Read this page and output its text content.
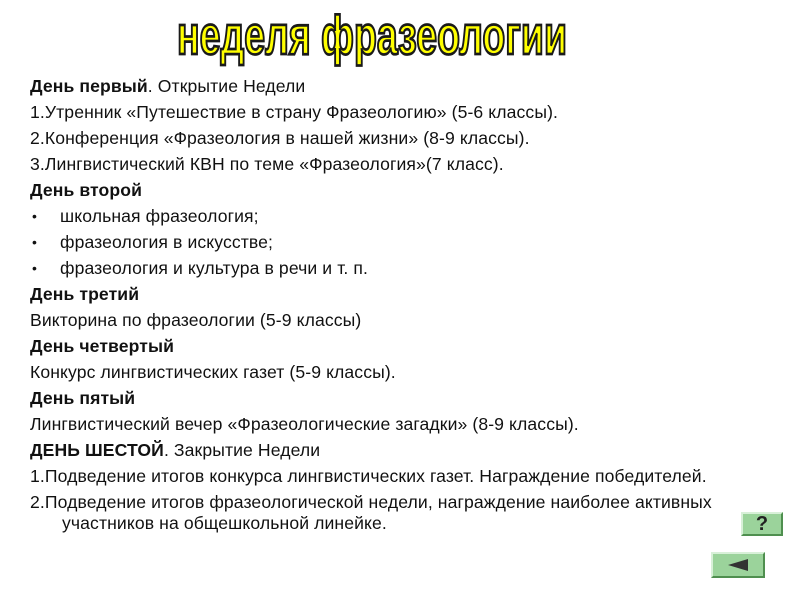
неделя фразеологии
День первый. Открытие Недели
1.Утренник «Путешествие в страну Фразеологию» (5-6 классы).
2.Конференция «Фразеология в нашей жизни» (8-9 классы).
3.Лингвистический КВН по теме «Фразеология»(7 класс).
День второй
• школьная фразеология;
• фразеология в искусстве;
• фразеология и культура в речи и т. п.
День третий
Викторина по фразеологии (5-9 классы)
День четвертый
Конкурс лингвистических газет (5-9 классы).
День пятый
Лингвистический вечер «Фразеологические загадки» (8-9 классы).
ДЕНЬ ШЕСТОЙ. Закрытие Недели
1.Подведение итогов конкурса лингвистических газет. Награждение победителей.
2.Подведение итогов фразеологической недели, награждение наиболее активных участников на общешкольной линейке.	?
